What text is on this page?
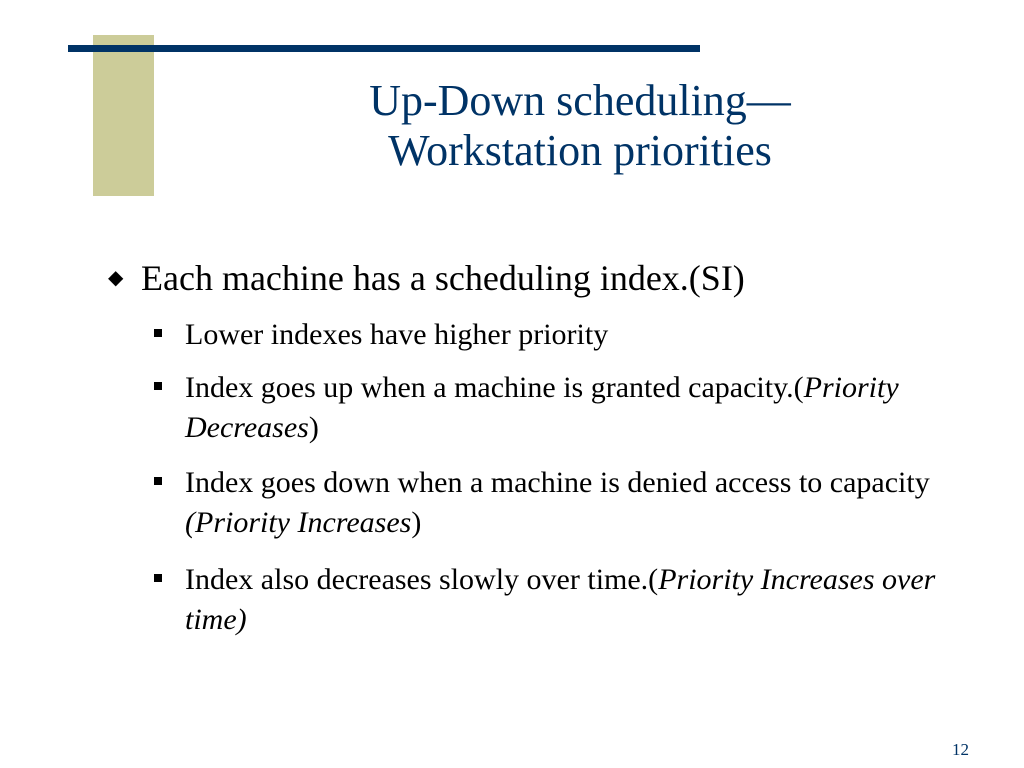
Up-Down scheduling—
Workstation priorities
◆ Each machine has a scheduling index.(SI)
Lower indexes have higher priority
Index goes up when a machine is granted capacity.(Priority Decreases)
Index goes down when a machine is denied access to capacity (Priority Increases)
Index also decreases slowly over time.(Priority Increases over time)
12
